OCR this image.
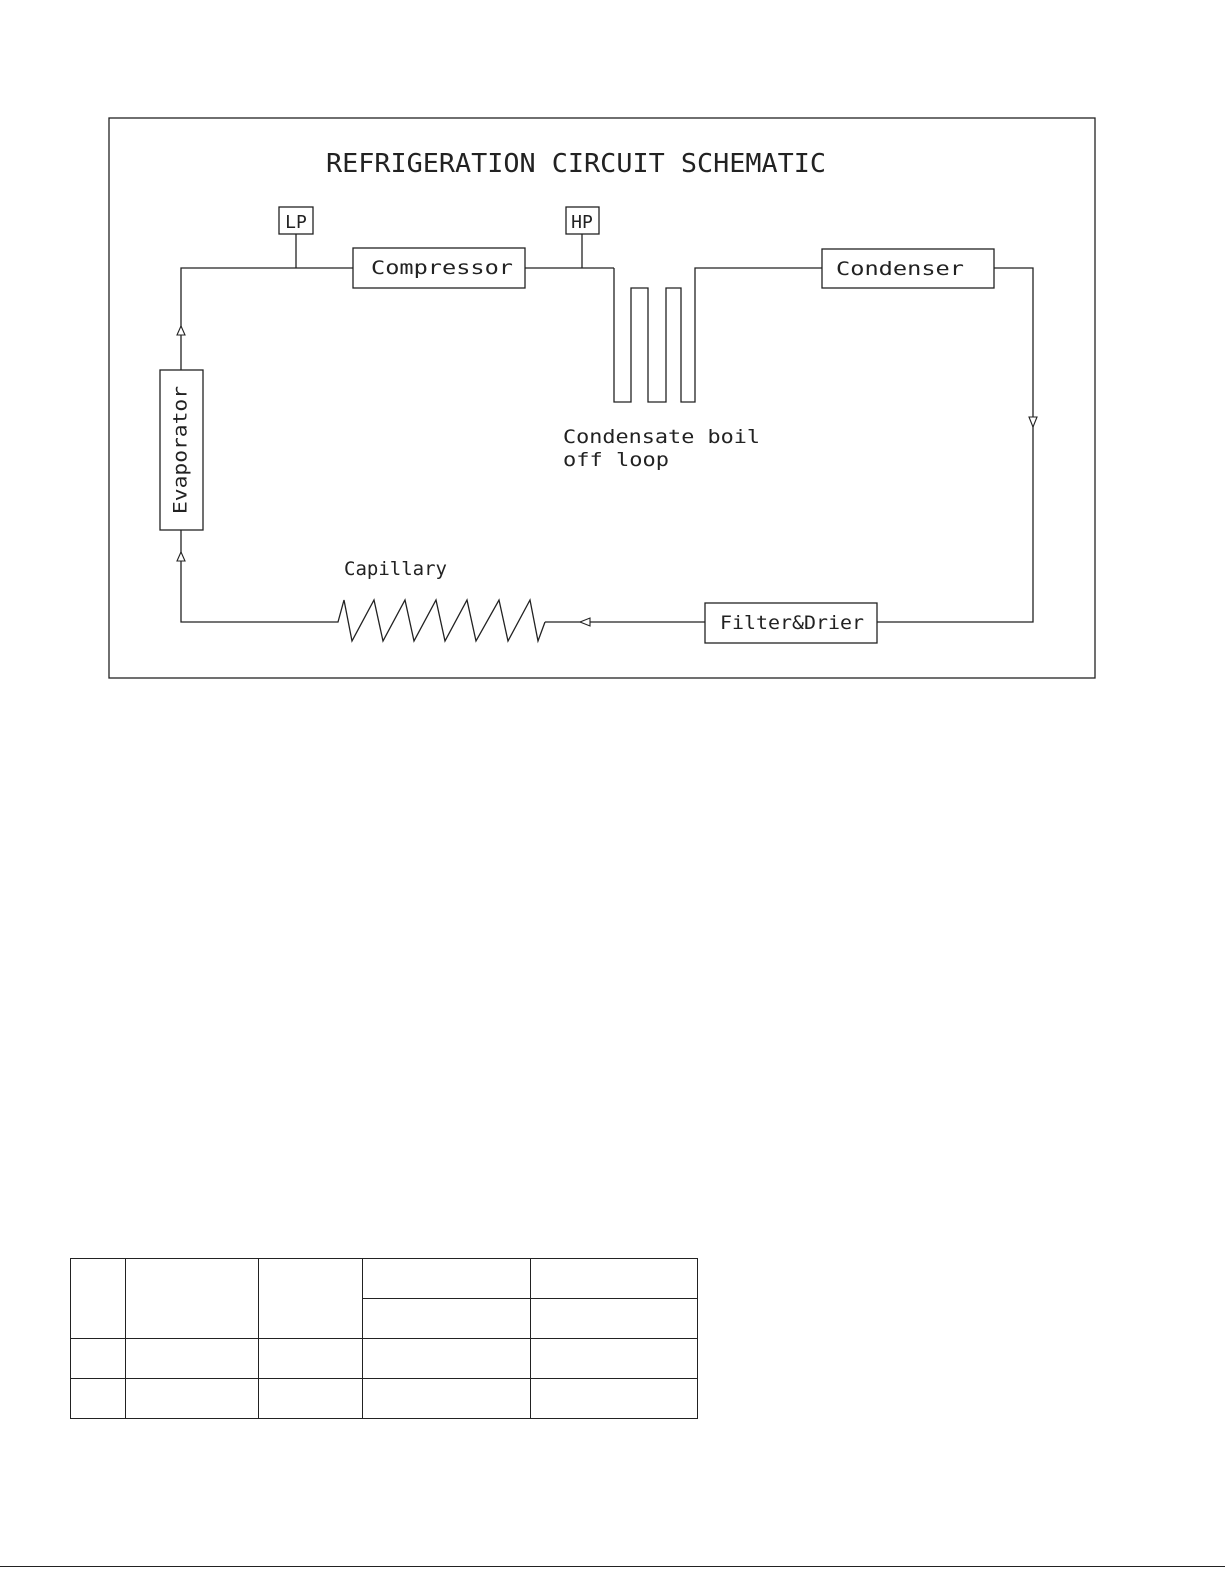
REFRIGERATION CIRCUIT SCHEMATIC
LP	HP
Compressor	Condenser
Evaporator
Filter&Drier
Capillary
Condensate boil
off loop
